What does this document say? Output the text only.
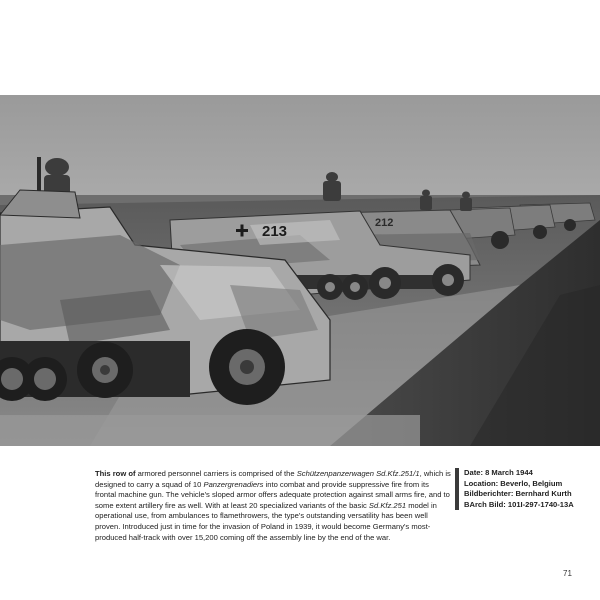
213	212
This row of armored personnel carriers is comprised of the Schützenpanzerwagen Sd.Kfz.251/1, which is designed to carry a squad of 10 Panzergrenadiers into combat and provide suppressive fire from its frontal machine gun. The vehicle's sloped armor offers adequate protection against small arms fire, and to some extent artillery fire as well. With at least 20 specialized variants of the basic Sd.Kfz.251 model in operational use, from ambulances to flamethrowers, the type's outstanding versatility has been well proven. Introduced just in time for the invasion of Poland in 1939, it would become Germany's most-produced half-track with over 15,200 coming off the assembly line by the end of the war.
Date: 8 March 1944
Location: Beverlo, Belgium
Bildberichter: Bernhard Kurth
BArch Bild: 101I-297-1740-13A
71
